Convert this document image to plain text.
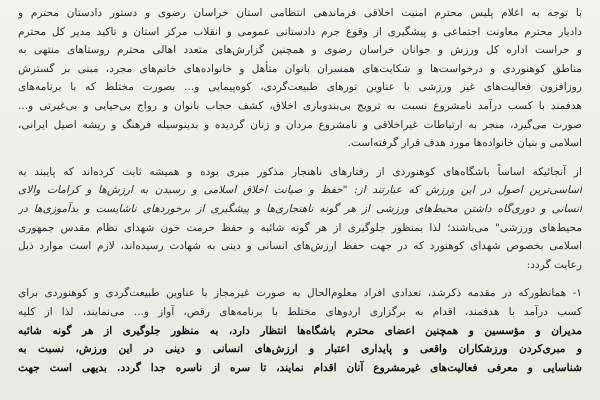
با توجه به اعلام پلیس محترم امنیت اخلاقی فرماندهی انتظامی استان خراسان رضوی و دستور دادستان محترم و
دادیار محترم معاونت اجتماعی و پیشگیری از وقوع جرم دادستانی عمومی و انقلاب مرکز استان و تاکید مدیر کل محترم
و حراست اداره کل ورزش و جوانان خراسان رضوی و همچنین گزارش‌های متعدد اهالی محترم روستاهای منتهی به
مناطق کوهنوردی و درخواست‌ها و شکایت‌های همسران بانوان متأهل و خانواده‌های خانم‌های مجرد، مبنی بر گسترش
روزافزون فعالیت‌های غیر ورزشی با عناوین تورهای طبیعت‌گردی، کوه‌پیمایی و... بصورت مختلط که با برنامه‌های
هدفمند با کسب درآمد نامشروع نسبت به ترویج بی‌بندوباری اخلاق، کشف حجاب بانوان و رواج بی‌حیایی و بی‌غیرتی و...
صورت می‌گیرد، منجر به ارتباطات غیراخلاقی و نامشروع مردان و زنان گردیده و بدینوسیله فرهنگ و ریشه اصیل ایرانی،
اسلامی و بنیان خانواده‌ها مورد هدف قرار گرفته‌است.
از آنجائیکه اساساً باشگاه‌های کوهنوردی از رفتارهای ناهنجار مذکور مبری بوده و همیشه ثابت کرده‌اند که پایبند به
اساسی‌ترین اصول در این ورزش که عبارتند از: "حفظ و صیانت اخلاق اسلامی و رسیدن به ارزش‌ها و کرامات والای
انسانی و دوری‌گاه داشتن محیط‌های ورزشی از هر گونه ناهنجاری‌ها و پیشگیری از برخوردهای ناشایست و بدآموزی‌ها در
محیط‌های ورزشی" می‌باشند؛ لذا بمنظور جلوگیری از هر گونه شائبه و حفظ حرمت خون شهدای نظام مقدس جمهوری
اسلامی بخصوص شهدای کوهنورد که در جهت حفظ ارزش‌های انسانی و دینی به شهادت رسیده‌اند، لازم است موارد ذیل
رعایت گردد:
۱- همانطورکه در مقدمه ذکرشد، تعدادی افراد معلوم‌الحال به صورت غیرمجاز با عناوین طبیعت‌گردی و کوهنوردی برای
کسب درآمد با هدفمند، اقدام به برگزاری اردوهای مختلط با برنامه‌های رقص، آواز و... می‌نمایند، لذا از کلیه
مدیران و مؤسسین و همچنین اعضای محترم باشگاه‌ها انتظار دارد، به منظور جلوگیری از هر گونه شائبه
و مبری‌کردن ورزشکاران واقعی و پایداری اعتبار و ارزش‌های انسانی و دینی در این ورزش، نسبت به
شناسایی و معرفی فعالیت‌های غیرمشروع آنان اقدام نمایند، تا سره از ناسره جدا گردد. بدیهی است جهت
